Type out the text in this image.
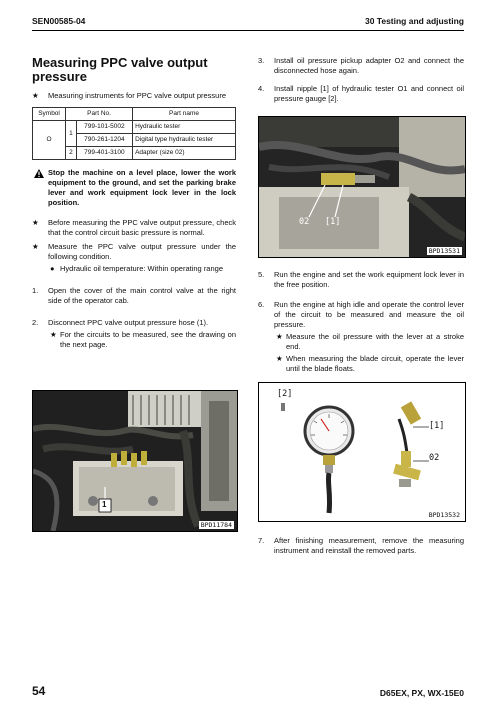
SEN00585-04	30 Testing and adjusting
Measuring PPC valve output pressure
★ Measuring instruments for PPC valve output pressure
Symbol	Part No.		Part name
O	1	799-101-5002	Hydraulic tester
		790-261-1204	Digital type hydraulic tester
	2	799-401-3100	Adapter (size 02)
Stop the machine on a level place, lower the work equipment to the ground, and set the parking brake lever and work equipment lock lever in the lock position.
★ Before measuring the PPC valve output pressure, check that the control circuit basic pressure is normal.
★ Measure the PPC valve output pressure under the following condition.
● Hydraulic oil temperature: Within operating range
1. Open the cover of the main control valve at the right side of the operator cab.
2. Disconnect PPC valve output pressure hose (1).
★ For the circuits to be measured, see the drawing on the next page.
1
BPD11784
3. Install oil pressure pickup adapter O2 and connect the disconnected hose again.
4. Install nipple [1] of hydraulic tester O1 and connect oil pressure gauge [2].
02 [1]
BPD13531
5. Run the engine and set the work equipment lock lever in the free position.
6. Run the engine at high idle and operate the control lever of the circuit to be measured and measure the oil pressure.
★ Measure the oil pressure with the lever at a stroke end.
★ When measuring the blade circuit, operate the lever until the blade floats.
[2]
[1]
02
BPD13532
7. After finishing measurement, remove the measuring instrument and reinstall the removed parts.
54	D65EX, PX, WX-15E0
